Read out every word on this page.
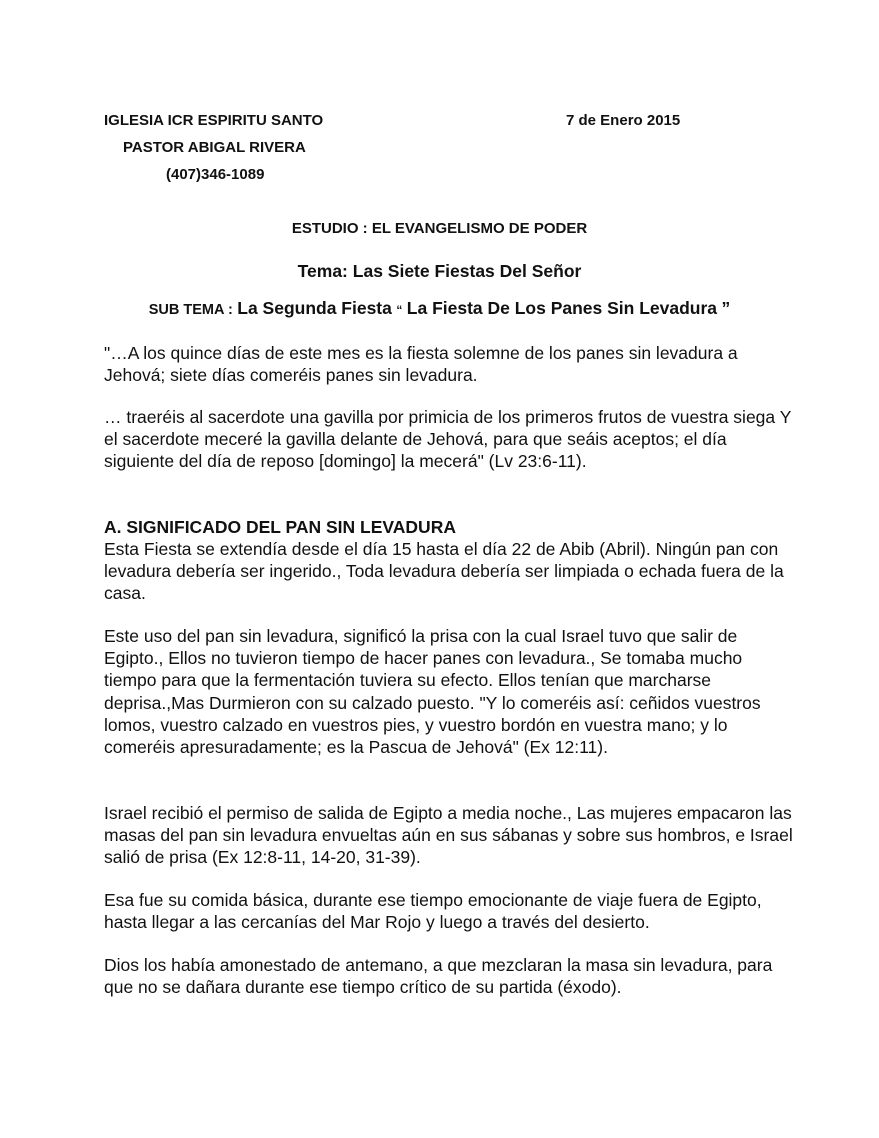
IGLESIA ICR ESPIRITU SANTO	7 de Enero 2015
PASTOR ABIGAL RIVERA
(407)346-1089
ESTUDIO : EL EVANGELISMO DE PODER
Tema: Las Siete Fiestas Del Señor
SUB TEMA : La Segunda Fiesta “ La Fiesta De Los Panes Sin Levadura ”

"…A los quince días de este mes es la fiesta solemne de los panes sin levadura a Jehová; siete días comeréis panes sin levadura.

… traeréis al sacerdote una gavilla por primicia de los primeros frutos de vuestra siega Y el sacerdote meceré la gavilla delante de Jehová, para que seáis aceptos; el día siguiente del día de reposo [domingo] la mecerá" (Lv 23:6-11).

A. SIGNIFICADO DEL PAN SIN LEVADURA

Esta Fiesta se extendía desde el día 15 hasta el día 22 de Abib (Abril). Ningún pan con levadura debería ser ingerido., Toda levadura debería ser limpiada o echada fuera de la casa.

Este uso del pan sin levadura, significó la prisa con la cual Israel tuvo que salir de Egipto., Ellos no tuvieron tiempo de hacer panes con levadura., Se tomaba mucho tiempo para que la fermentación tuviera su efecto. Ellos tenían que marcharse deprisa.,Mas Durmieron con su calzado puesto. "Y lo comeréis así: ceñidos vuestros lomos, vuestro calzado en vuestros pies, y vuestro bordón en vuestra mano; y lo comeréis apresuradamente; es la Pascua de Jehová" (Ex 12:11).

Israel recibió el permiso de salida de Egipto a media noche., Las mujeres empacaron las masas del pan sin levadura envueltas aún en sus sábanas y sobre sus hombros, e Israel salió de prisa (Ex 12:8-11, 14-20, 31-39).

Esa fue su comida básica, durante ese tiempo emocionante de viaje fuera de Egipto, hasta llegar a las cercanías del Mar Rojo y luego a través del desierto.

Dios los había amonestado de antemano, a que mezclaran la masa sin levadura, para que no se dañara durante ese tiempo crítico de su partida (éxodo).
